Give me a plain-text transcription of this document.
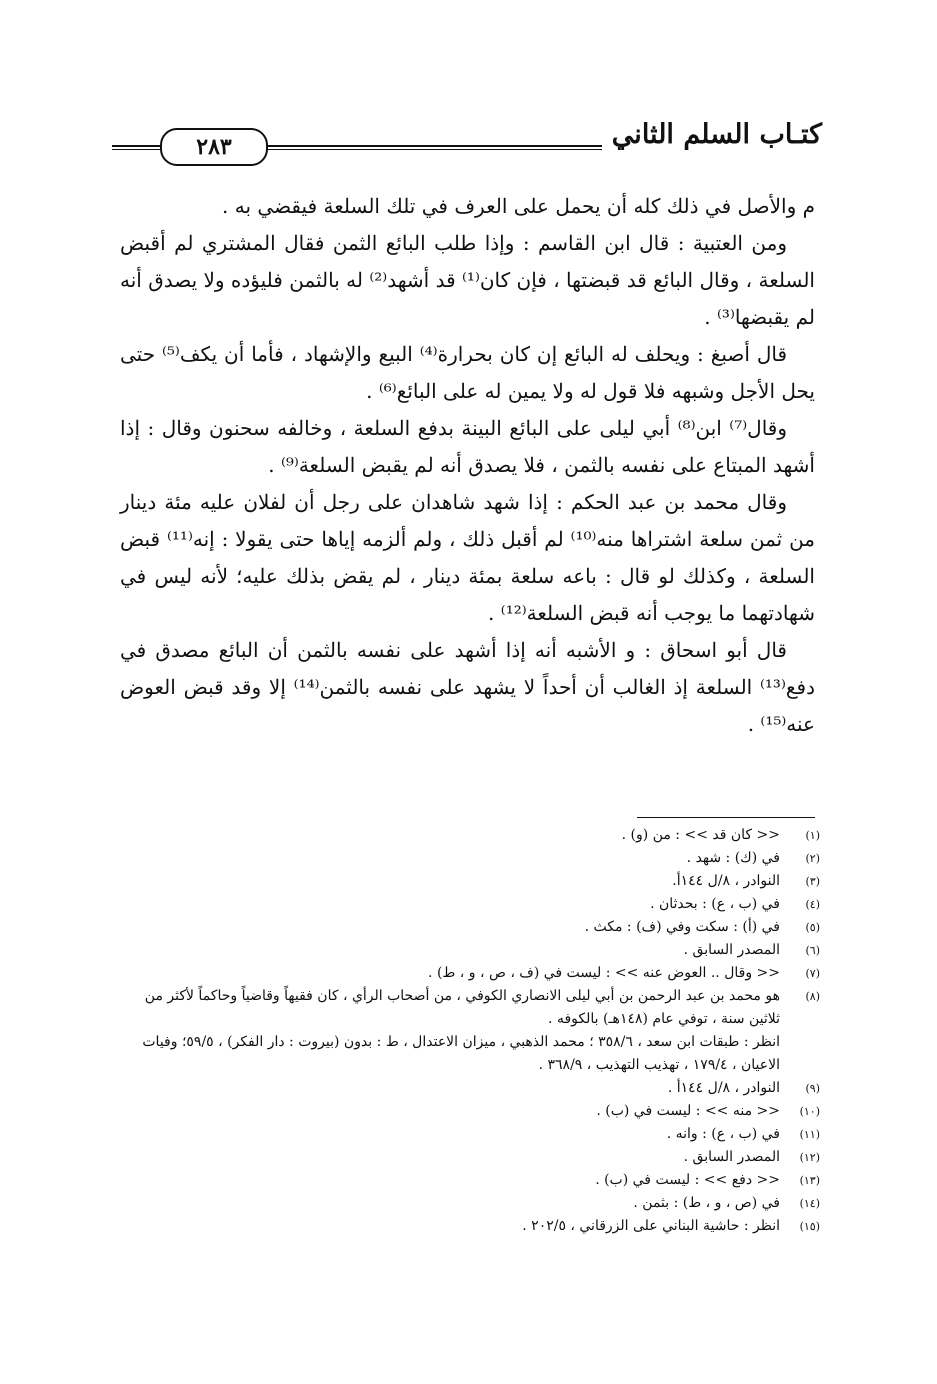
كتـاب السلم الثاني
٢٨٣

م والأصل في ذلك كله أن يحمل على العرف في تلك السلعة فيقضي به .

ومن العتبية : قال ابن القاسم : وإذا طلب البائع الثمن فقال المشتري لم أقبض السلعة ، وقال البائع قد قبضتها ، فإن كان⁽¹⁾ قد أشهد⁽²⁾ له بالثمن فليؤده ولا يصدق أنه لم يقبضها⁽³⁾ .

قال أصبغ : ويحلف له البائع إن كان بحرارة⁽⁴⁾ البيع والإشهاد ، فأما أن يكف⁽⁵⁾ حتى يحل الأجل وشبهه فلا قول له ولا يمين له على البائع⁽⁶⁾ .

وقال⁽⁷⁾ ابن⁽⁸⁾ أبي ليلى على البائع البينة بدفع السلعة ، وخالفه سحنون وقال : إذا أشهد المبتاع على نفسه بالثمن ، فلا يصدق أنه لم يقبض السلعة⁽⁹⁾ .

وقال محمد بن عبد الحكم : إذا شهد شاهدان على رجل أن لفلان عليه مئة دينار من ثمن سلعة اشتراها منه⁽¹⁰⁾ لم أقبل ذلك ، ولم ألزمه إياها حتى يقولا : إنه⁽¹¹⁾ قبض السلعة ، وكذلك لو قال : باعه سلعة بمئة دينار ، لم يقض بذلك عليه؛ لأنه ليس في شهادتهما ما يوجب أنه قبض السلعة⁽¹²⁾ .

قال أبو اسحاق : و الأشبه أنه إذا أشهد على نفسه بالثمن أن البائع مصدق في دفع⁽¹³⁾ السلعة إذ الغالب أن أحداً لا يشهد على نفسه بالثمن⁽¹⁴⁾ إلا وقد قبض العوض عنه⁽¹⁵⁾ .

(١)
<< كان قد >> : من (و) .
(٢)
في (ك) : شهد .
(٣)
النوادر ، ٨/ل ١٤٤أ.
(٤)
في (ب ، ع) : بحدثان .
(٥)
في (أ) : سكت وفي (ف) : مكث .
(٦)
المصدر السابق .
(٧)
<< وقال .. العوض عنه >> : ليست في (ف ، ص ، و ، ط) .
(٨)
هو محمد بن عبد الرحمن بن أبي ليلى الانصاري الكوفي ، من أصحاب الرأي ، كان فقيهاً وقاضياً وحاكماً لأكثر من ثلاثين سنة ، توفي عام (١٤٨هـ) بالكوفه .
انظر : طبقات ابن سعد ، ٣٥٨/٦ ؛ محمد الذهبي ، ميزان الاعتدال ، ط : بدون (بيروت : دار الفكر) ، ٥٩/٥؛ وفيات الاعيان ، ١٧٩/٤ ، تهذيب التهذيب ، ٣٦٨/٩ .
(٩)
النوادر ، ٨/ل ١٤٤أ .
(١٠)
<< منه >> : ليست في (ب) .
(١١)
في (ب ، ع) : وانه .
(١٢)
المصدر السابق .
(١٣)
<< دفع >> : ليست في (ب) .
(١٤)
في (ص ، و ، ط) : بثمن .
(١٥)
انظر : حاشية البناني على الزرقاني ، ٢٠٢/٥ .
